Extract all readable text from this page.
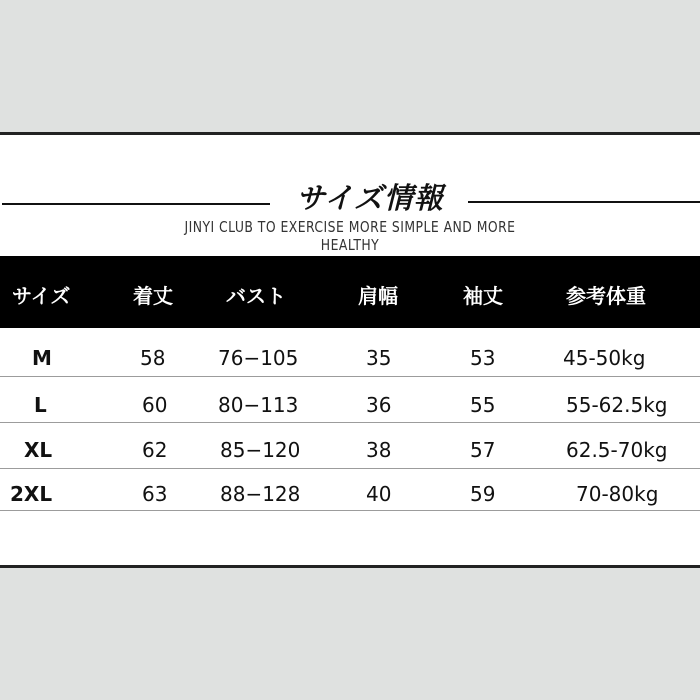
サイズ情報
JINYI CLUB TO EXERCISE MORE SIMPLE AND MORE HEALTHY
サイズ	着丈	バスト	肩幅	袖丈	参考体重
M	58	76−105	35	53	45-50kg
L	60	80−113	36	55	55-62.5kg
XL	62	85−120	38	57	62.5-70kg
2XL	63	88−128	40	59	70-80kg
